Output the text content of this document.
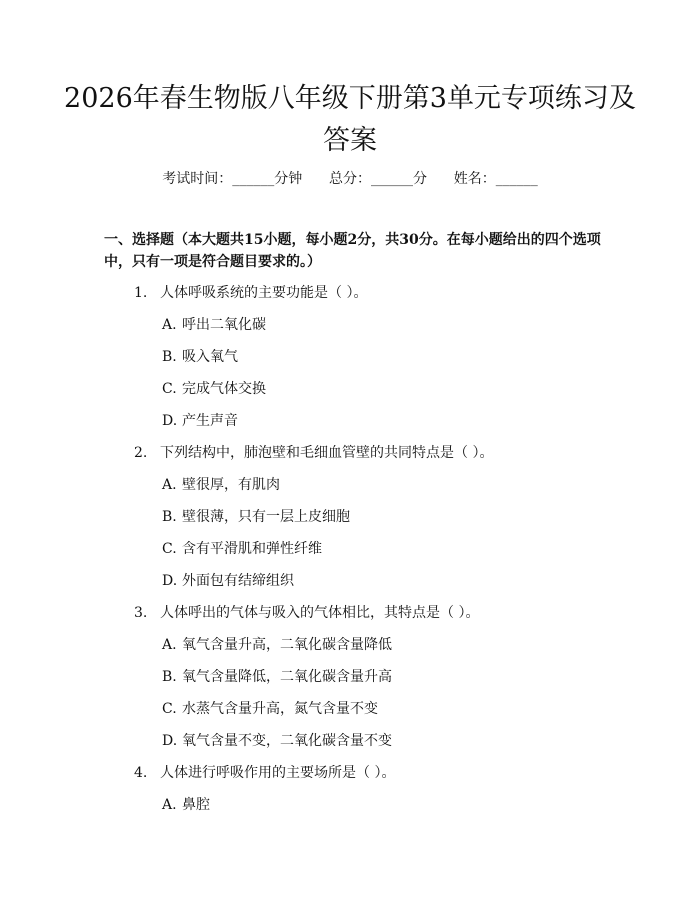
2026年春生物版八年级下册第3单元专项练习及答案
考试时间：______分钟      总分：______分      姓名：______
一、选择题（本大题共15小题，每小题2分，共30分。在每小题给出的四个选项中，只有一项是符合题目要求的。）
1. 人体呼吸系统的主要功能是（ ）。
A. 呼出二氧化碳
B. 吸入氧气
C. 完成气体交换
D. 产生声音
2. 下列结构中，肺泡壁和毛细血管壁的共同特点是（ ）。
A. 壁很厚，有肌肉
B. 壁很薄，只有一层上皮细胞
C. 含有平滑肌和弹性纤维
D. 外面包有结缔组织
3. 人体呼出的气体与吸入的气体相比，其特点是（ ）。
A. 氧气含量升高，二氧化碳含量降低
B. 氧气含量降低，二氧化碳含量升高
C. 水蒸气含量升高，氮气含量不变
D. 氧气含量不变，二氧化碳含量不变
4. 人体进行呼吸作用的主要场所是（ ）。
A. 鼻腔
